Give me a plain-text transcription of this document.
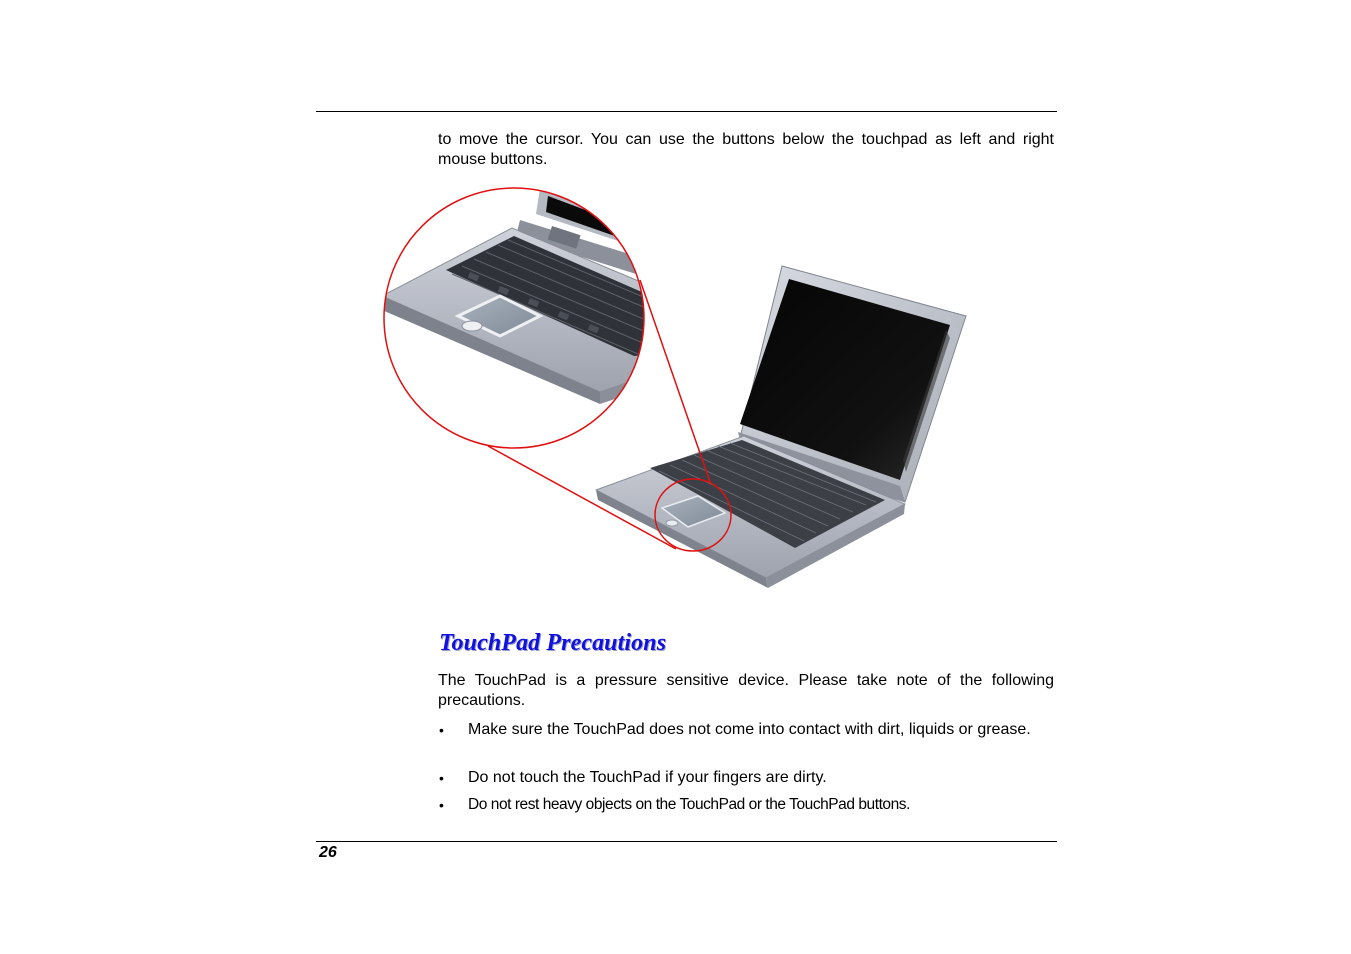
to move the cursor. You can use the buttons below the touchpad as left and right mouse buttons.

TouchPad Precautions

The TouchPad is a pressure sensitive device. Please take note of the following precautions.

• Make sure the TouchPad does not come into contact with dirt, liquids or grease.
• Do not touch the TouchPad if your fingers are dirty.
• Do not rest heavy objects on the TouchPad or the TouchPad buttons.
26
